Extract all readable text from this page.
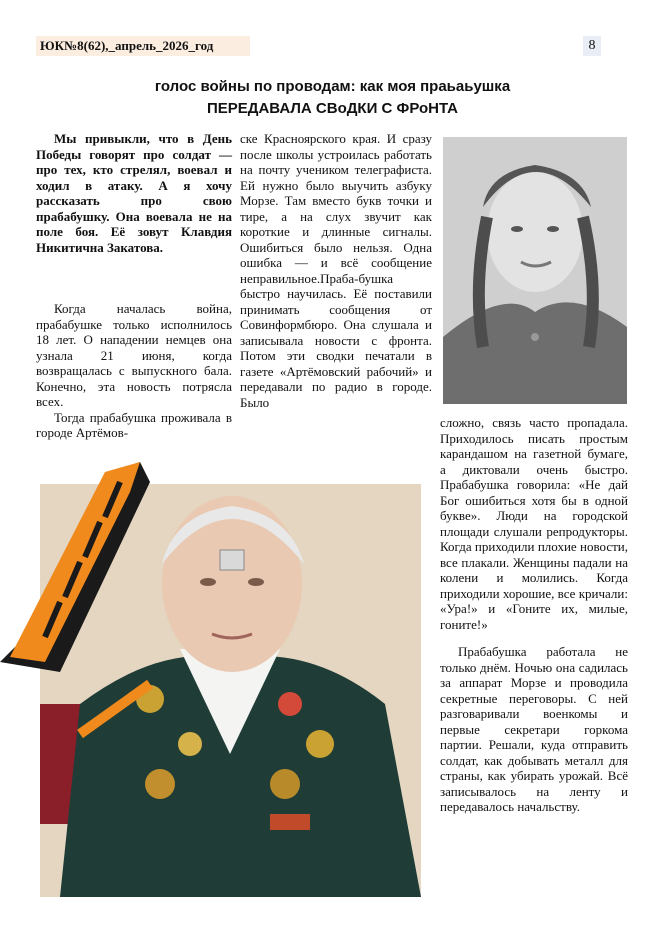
ЮК№8(62),_апрель_2026_год	8
голос войны по проводам: как моя праьаьушка
ПЕРЕДАВАЛА СВоДКИ С ФРоНТА

Мы привыкли, что в День Победы говорят про солдат — про тех, кто стрелял, воевал и ходил в атаку. А я хочу рассказать про свою прабабушку. Она воевала не на поле боя. Её зовут Клавдия Никитична Закатова.

Когда началась война, прабабушке только исполнилось 18 лет. О нападении немцев она узнала 21 июня, когда возвращалась с выпускного бала. Конечно, эта новость потрясла всех.

Тогда прабабушка проживала в городе Артёмов-

ске Красноярского края. И сразу после школы устроилась работать на почту учеником телеграфиста. Ей нужно было выучить азбуку Морзе. Там вместо букв точки и тире, а на слух звучит как короткие и длинные сигналы. Ошибиться было нельзя. Одна ошибка — и всё сообщение неправильное.Праба-бушка быстро научилась. Её поставили принимать сообщения от Совинформбюро. Она слушала и записывала новости с фронта. Потом эти сводки печатали в газете «Артёмовский рабочий» и передавали по радио в городе. Было

сложно, связь часто пропадала. Приходилось писать простым карандашом на газетной бумаге, а диктовали очень быстро. Прабабушка говорила: «Не дай Бог ошибиться хотя бы в одной букве». Люди на городской площади слушали репродукторы. Когда приходили плохие новости, все плакали. Женщины падали на колени и молились. Когда приходили хорошие, все кричали: «Ура!» и «Гоните их, милые, гоните!»

Прабабушка работала не только днём. Ночью она садилась за аппарат Морзе и проводила секретные переговоры. С ней разговаривали военкомы и первые секретари горкома партии. Решали, куда отправить солдат, как добывать металл для страны, как убирать урожай. Всё записывалось на ленту и передавалось начальству.
